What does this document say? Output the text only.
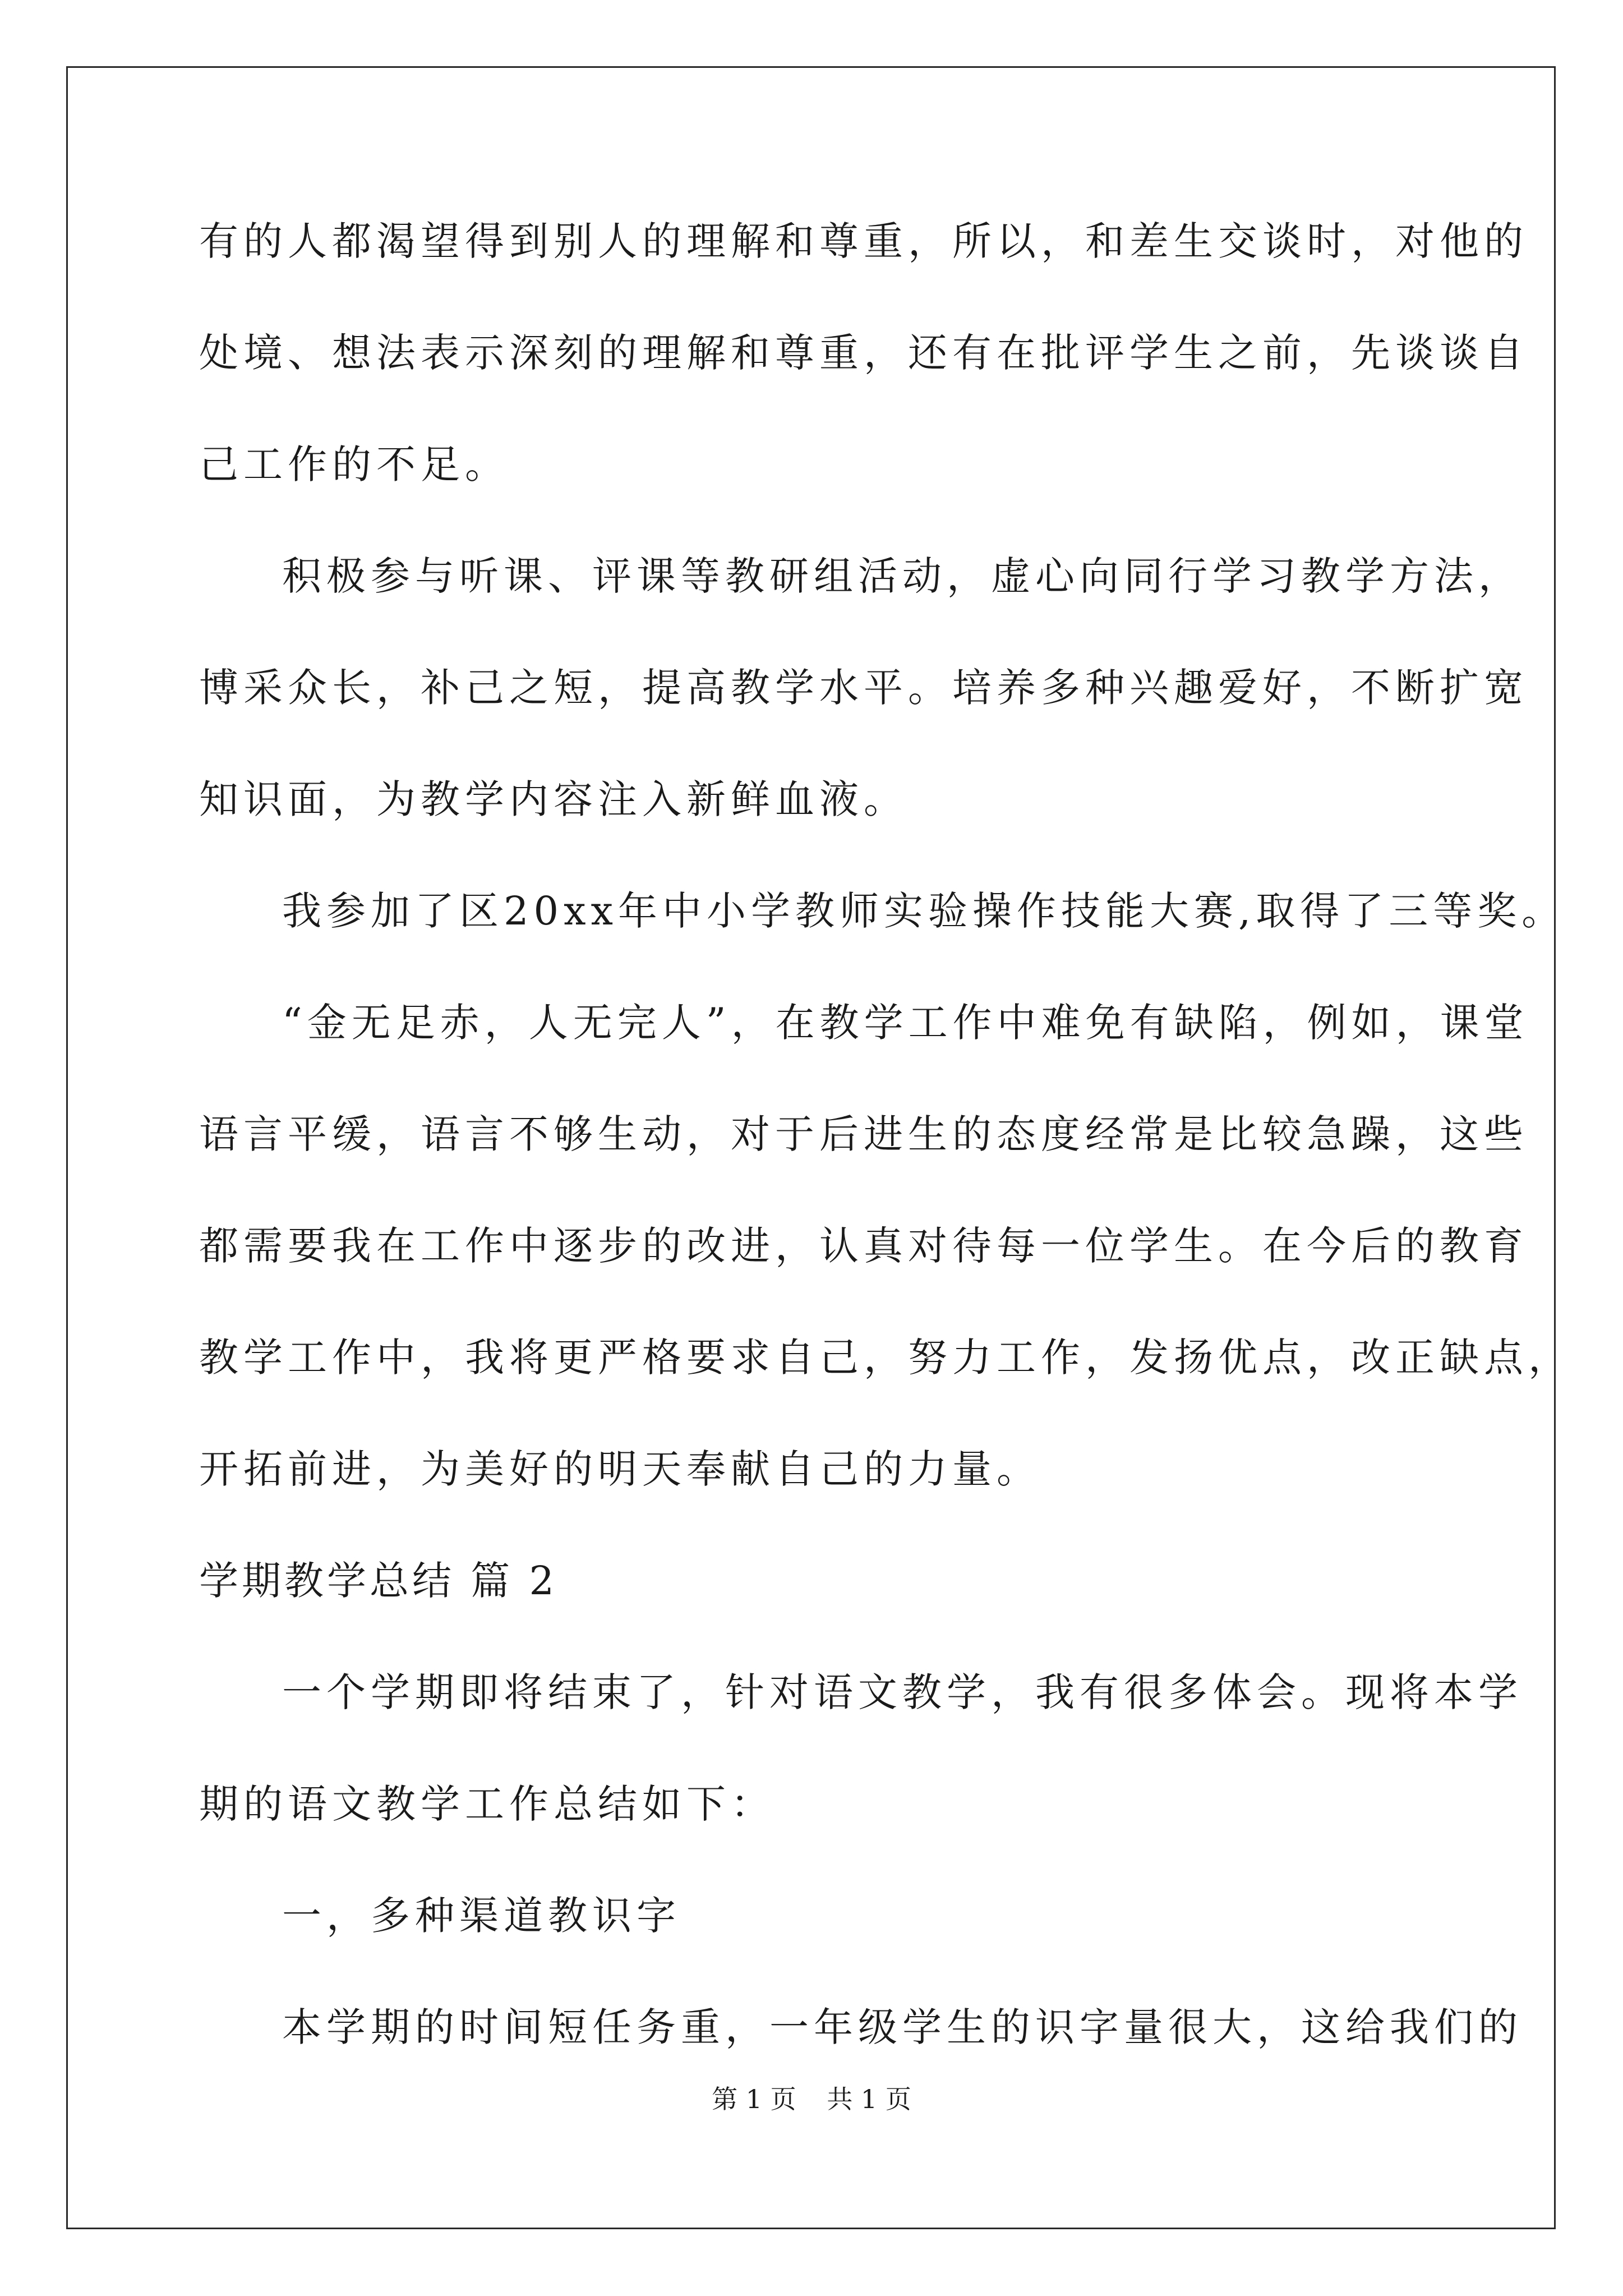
有的人都渴望得到别人的理解和尊重，所以，和差生交谈时，对他的
处境、想法表示深刻的理解和尊重，还有在批评学生之前，先谈谈自
己工作的不足。
积极参与听课、评课等教研组活动，虚心向同行学习教学方法，
博采众长，补己之短，提高教学水平。培养多种兴趣爱好，不断扩宽
知识面，为教学内容注入新鲜血液。
我参加了区20xx年中小学教师实验操作技能大赛,取得了三等奖。
“金无足赤，人无完人”，在教学工作中难免有缺陷，例如，课堂
语言平缓，语言不够生动，对于后进生的态度经常是比较急躁，这些
都需要我在工作中逐步的改进，认真对待每一位学生。在今后的教育
教学工作中，我将更严格要求自己，努力工作，发扬优点，改正缺点，
开拓前进，为美好的明天奉献自己的力量。
学期教学总结 篇 2
一个学期即将结束了，针对语文教学，我有很多体会。现将本学
期的语文教学工作总结如下：
一，多种渠道教识字
本学期的时间短任务重，一年级学生的识字量很大，这给我们的
第 1 页 共 1 页
